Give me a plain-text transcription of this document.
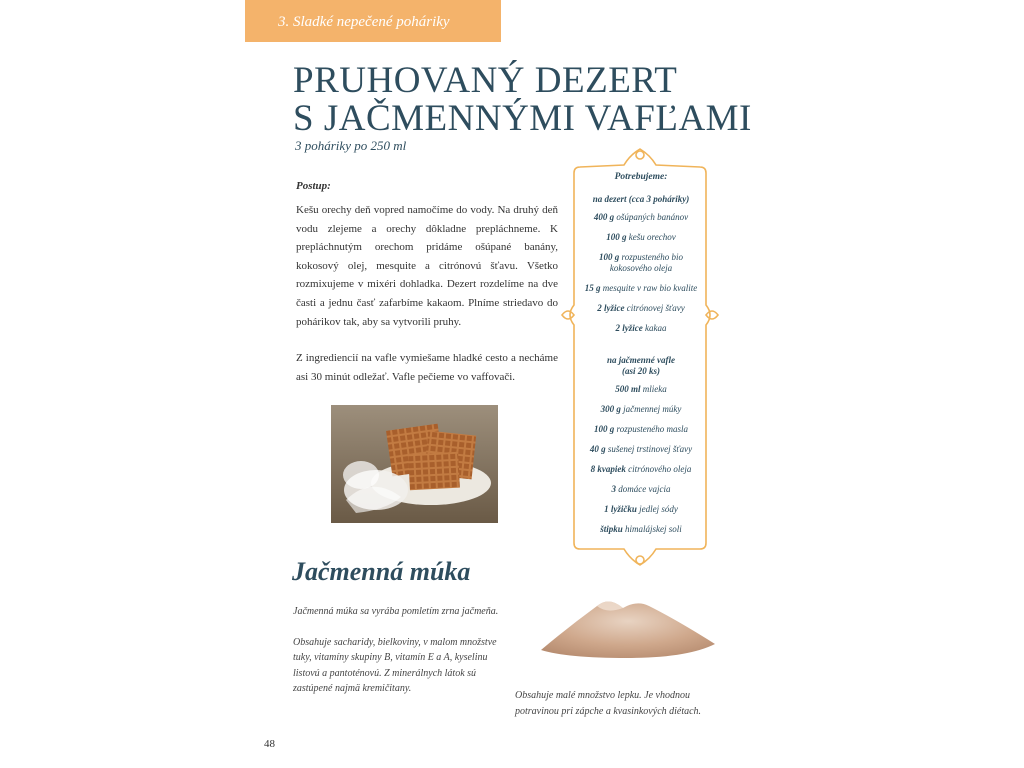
3. Sladké nepečené poháriky
PRUHOVANÝ DEZERT
S JAČMENNÝMI VAFĽAMI
3 poháriky po 250 ml
Postup:

Kešu orechy deň vopred namočíme do vody. Na druhý deň vodu zlejeme a orechy dôkladne prepláchneme. K prepláchnutým orechom pridáme ošúpané banány, kokosový olej, mesquite a citrónovú šťavu. Všetko rozmixujeme v mixéri dohladka. Dezert rozdelíme na dve časti a jednu časť zafarbíme kakaom. Plníme striedavo do pohárikov tak, aby sa vytvorili pruhy.

Z ingrediencií na vafle vymiešame hladké cesto a necháme asi 30 minút odležať. Vafle pečieme vo vaffovači.

Potrebujeme:
na dezert (cca 3 poháriky)
400 g ošúpaných banánov
100 g kešu orechov
100 g rozpusteného bio kokosového oleja
15 g mesquite v raw bio kvalite
2 lyžice citrónovej šťavy
2 lyžice kakaa
na jačmenné vafle
(asi 20 ks)
500 ml mlieka
300 g jačmennej múky
100 g rozpusteného masla
40 g sušenej trstinovej šťavy
8 kvapiek citrónového oleja
3 domáce vajcia
1 lyžičku jedlej sódy
štipku himalájskej soli
Jačmenná múka

Jačmenná múka sa vyrába pomletím zrna jačmeňa.

Obsahuje sacharidy, bielkoviny, v malom množstve tuky, vitamíny skupiny B, vitamín E a A, kyselinu listovú a pantoténovú. Z minerálnych látok sú zastúpené najmä kremičitany.

Obsahuje malé množstvo lepku. Je vhodnou potravinou pri zápche a kvasinkových diétach.
48
